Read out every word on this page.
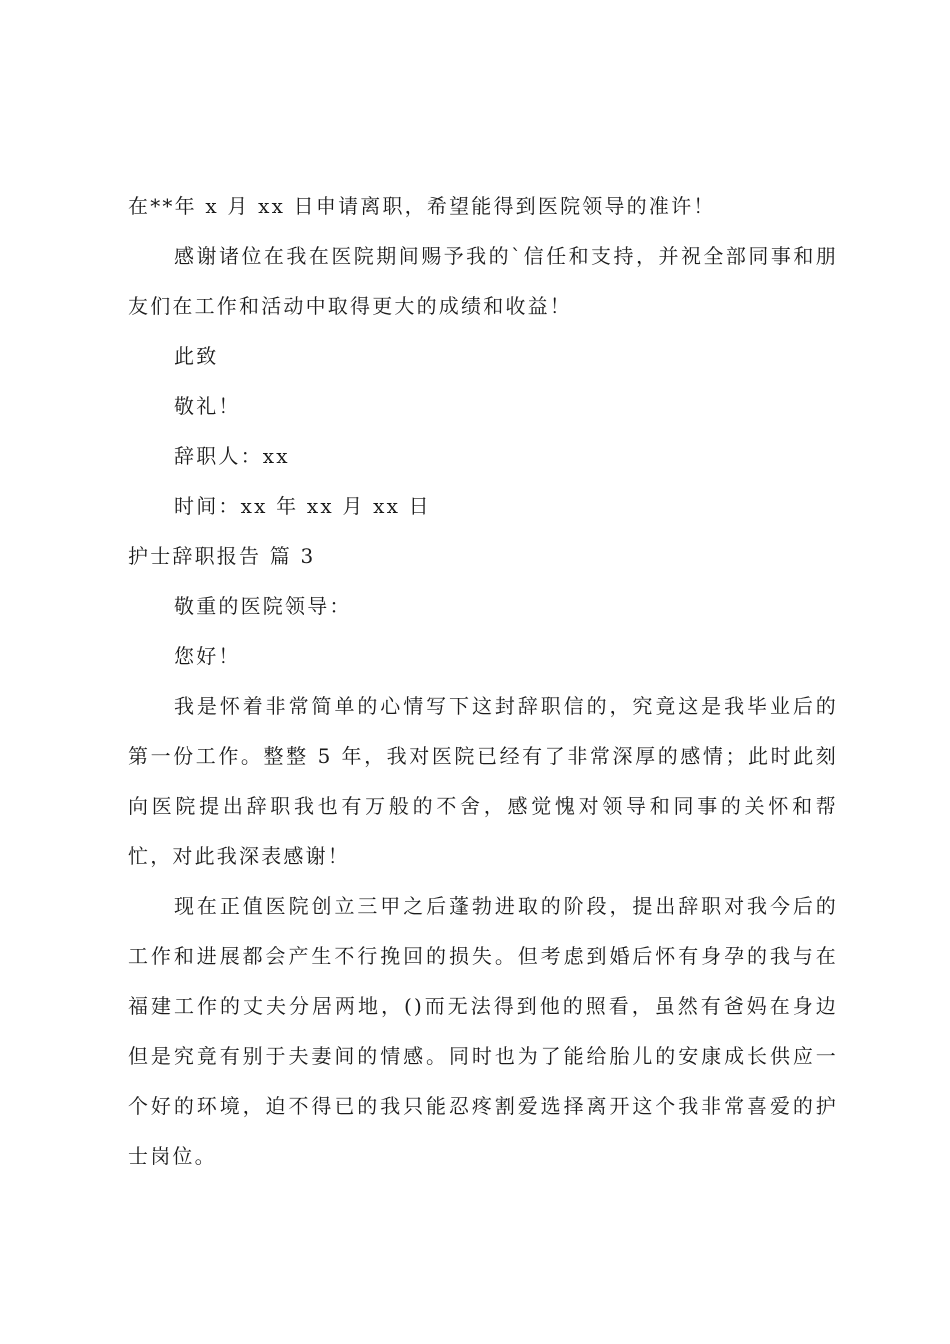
在**年 x 月 xx 日申请离职，希望能得到医院领导的准许！
感谢诸位在我在医院期间赐予我的`信任和支持，并祝全部同事和朋
友们在工作和活动中取得更大的成绩和收益！
此致
敬礼！
辞职人：xx
时间：xx 年 xx 月 xx 日
护士辞职报告 篇 3
敬重的医院领导：
您好！
我是怀着非常简单的心情写下这封辞职信的，究竟这是我毕业后的
第一份工作。整整 5 年，我对医院已经有了非常深厚的感情；此时此刻
向医院提出辞职我也有万般的不舍，感觉愧对领导和同事的关怀和帮
忙，对此我深表感谢！
现在正值医院创立三甲之后蓬勃进取的阶段，提出辞职对我今后的
工作和进展都会产生不行挽回的损失。但考虑到婚后怀有身孕的我与在
福建工作的丈夫分居两地，()而无法得到他的照看，虽然有爸妈在身边
但是究竟有别于夫妻间的情感。同时也为了能给胎儿的安康成长供应一
个好的环境，迫不得已的我只能忍疼割爱选择离开这个我非常喜爱的护
士岗位。
